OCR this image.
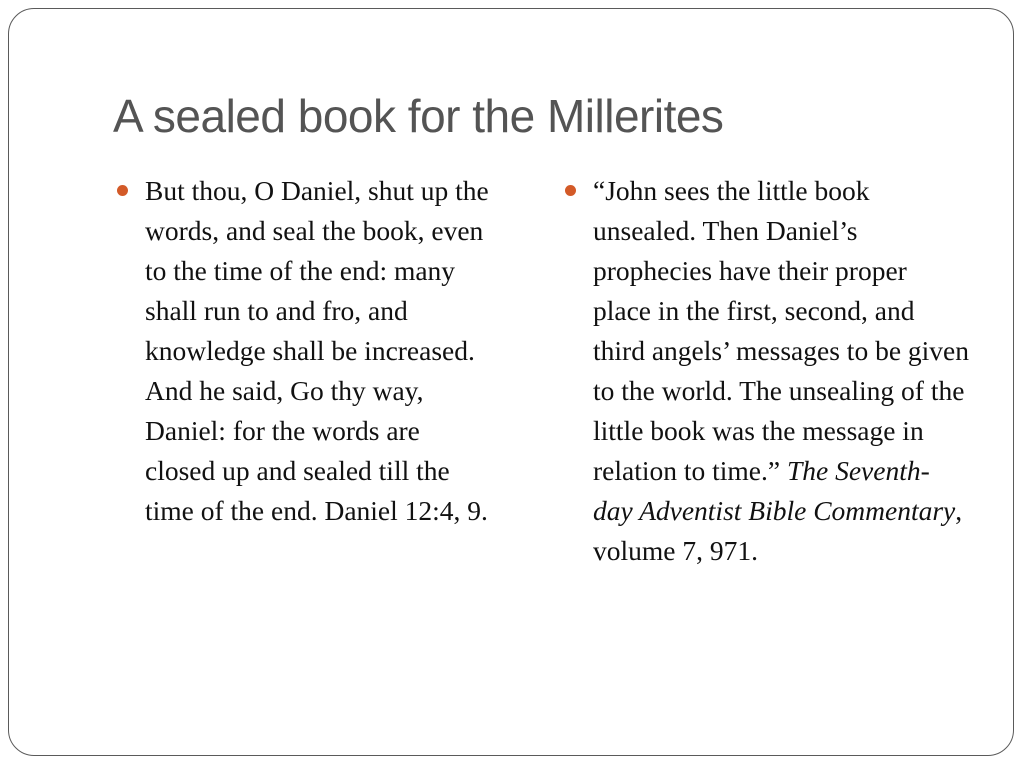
A sealed book for the Millerites

But thou, O Daniel, shut up the words, and seal the book, even to the time of the end: many shall run to and fro, and knowledge shall be increased. And he said, Go thy way, Daniel: for the words are closed up and sealed till the time of the end. Daniel 12:4, 9.

“John sees the little book unsealed. Then Daniel’s prophecies have their proper place in the first, second, and third angels’ messages to be given to the world. The unsealing of the little book was the message in relation to time.” The Seventh-day Adventist Bible Commentary, volume 7, 971.
